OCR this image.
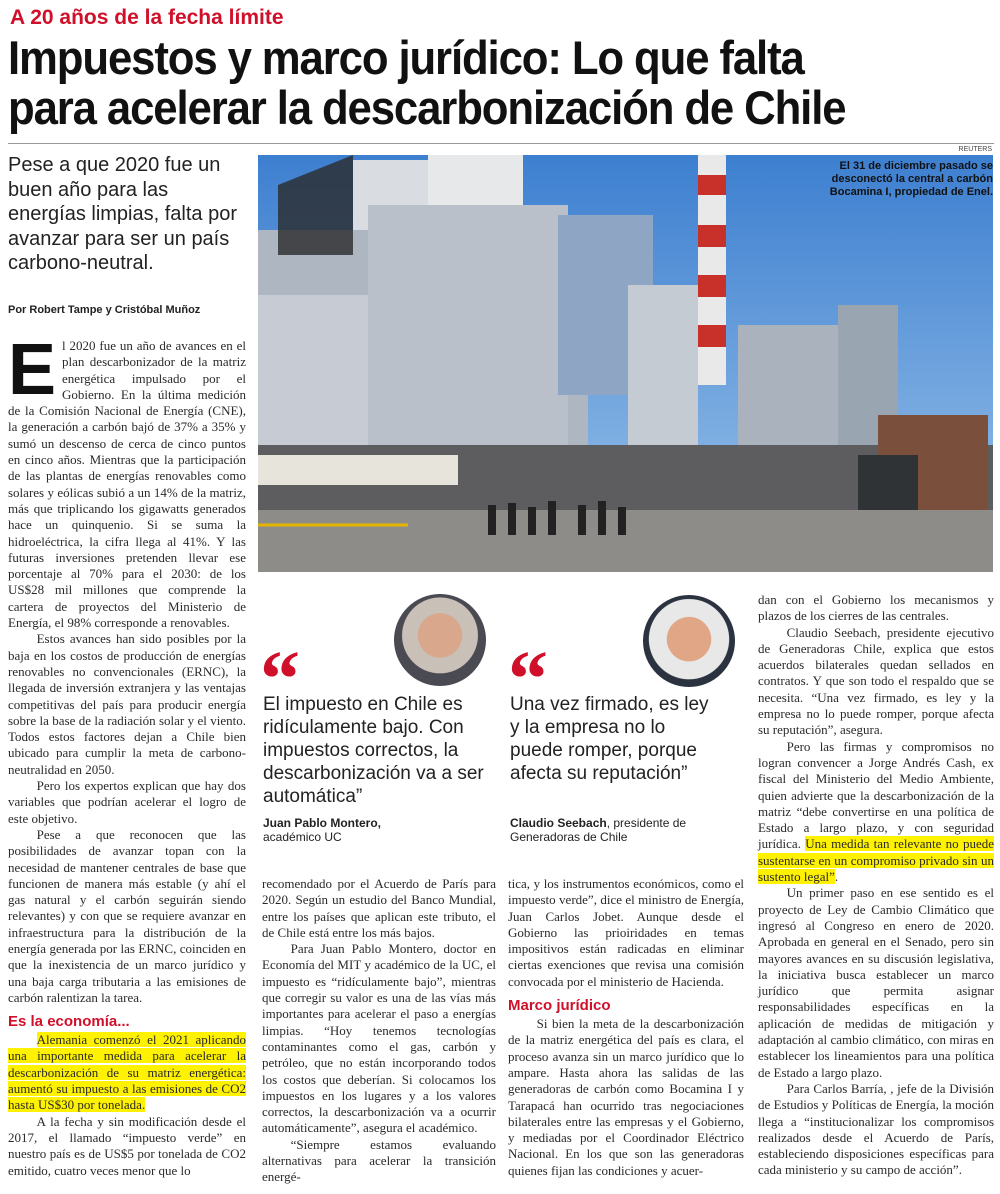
A 20 años de la fecha límite
Impuestos y marco jurídico: Lo que falta
para acelerar la descarbonización de Chile
Pese a que 2020 fue un buen año para las energías limpias, falta por avanzar para ser un país carbono-neutral.
Por Robert Tampe y Cristóbal Muñoz

El 2020 fue un año de avances en el plan descarbonizador de la matriz energética impulsado por el Gobierno. En la última medición de la Comisión Nacional de Energía (CNE), la generación a carbón bajó de 37% a 35% y sumó un descenso de cerca de cinco puntos en cinco años. Mientras que la participación de las plantas de energías renovables como solares y eólicas subió a un 14% de la matriz, más que triplicando los gigawatts generados hace un quinquenio. Si se suma la hidroeléctrica, la cifra llega al 41%. Y las futuras inversiones pretenden llevar ese porcentaje al 70% para el 2030: de los US$28 mil millones que comprende la cartera de proyectos del Ministerio de Energía, el 98% corresponde a renovables.

Estos avances han sido posibles por la baja en los costos de producción de energías renovables no convencionales (ERNC), la llegada de inversión extranjera y las ventajas competitivas del país para producir energía sobre la base de la radiación solar y el viento. Todos estos factores dejan a Chile bien ubicado para cumplir la meta de carbono-neutralidad en 2050.

Pero los expertos explican que hay dos variables que podrían acelerar el logro de este objetivo.

Pese a que reconocen que las posibilidades de avanzar topan con la necesidad de mantener centrales de base que funcionen de manera más estable (y ahí el gas natural y el carbón seguirán siendo relevantes) y con que se requiere avanzar en infraestructura para la distribución de la energía generada por las ERNC, coinciden en que la inexistencia de un marco jurídico y una baja carga tributaria a las emisiones de carbón ralentizan la tarea.

Es la economía...

Alemania comenzó el 2021 aplicando una importante medida para acelerar la descarbonización de su matriz energética: aumentó su impuesto a las emisiones de CO2 hasta US$30 por tonelada.

A la fecha y sin modificación desde el 2017, el llamado “impuesto verde” en nuestro país es de US$5 por tonelada de CO2 emitido, cuatro veces menor que lo

REUTERS
El 31 de diciembre pasado se desconectó la central a carbón Bocamina I, propiedad de Enel.
“
El impuesto en Chile es ridículamente bajo. Con impuestos correctos, la descarbonización va a ser automática”
Juan Pablo Montero,
académico UC
“
Una vez firmado, es ley y la empresa no lo puede romper, porque afecta su reputación”
Claudio Seebach, presidente de Generadoras de Chile

recomendado por el Acuerdo de París para 2020. Según un estudio del Banco Mundial, entre los países que aplican este tributo, el de Chile está entre los más bajos.

Para Juan Pablo Montero, doctor en Economía del MIT y académico de la UC, el impuesto es “ridículamente bajo”, mientras que corregir su valor es una de las vías más importantes para acelerar el paso a energías limpias. “Hoy tenemos tecnologías contaminantes como el gas, carbón y petróleo, que no están incorporando todos los costos que deberían. Si colocamos los impuestos en los lugares y a los valores correctos, la descarbonización va a ocurrir automáticamente”, asegura el académico.

“Siempre estamos evaluando alternativas para acelerar la transición energé-

tica, y los instrumentos económicos, como el impuesto verde”, dice el ministro de Energía, Juan Carlos Jobet. Aunque desde el Gobierno las prioiridades en temas impositivos están radicadas en eliminar ciertas exenciones que revisa una comisión convocada por el ministerio de Hacienda.

Marco jurídico

Si bien la meta de la descarbonización de la matriz energética del país es clara, el proceso avanza sin un marco jurídico que lo ampare. Hasta ahora las salidas de las generadoras de carbón como Bocamina I y Tarapacá han ocurrido tras negociaciones bilaterales entre las empresas y el Gobierno, y mediadas por el Coordinador Eléctrico Nacional. En los que son las generadoras quienes fijan las condiciones y acuer-

dan con el Gobierno los mecanismos y plazos de los cierres de las centrales.

Claudio Seebach, presidente ejecutivo de Generadoras Chile, explica que estos acuerdos bilaterales quedan sellados en contratos. Y que son todo el respaldo que se necesita. “Una vez firmado, es ley y la empresa no lo puede romper, porque afecta su reputación”, asegura.

Pero las firmas y compromisos no logran convencer a Jorge Andrés Cash, ex fiscal del Ministerio del Medio Ambiente, quien advierte que la descarbonización de la matriz “debe convertirse en una política de Estado a largo plazo, y con seguridad jurídica. Una medida tan relevante no puede sustentarse en un compromiso privado sin un sustento legal”.

Un primer paso en ese sentido es el proyecto de Ley de Cambio Climático que ingresó al Congreso en enero de 2020. Aprobada en general en el Senado, pero sin mayores avances en su discusión legislativa, la iniciativa busca establecer un marco jurídico que permita asignar responsabilidades específicas en la aplicación de medidas de mitigación y adaptación al cambio climático, con miras en establecer los lineamientos para una política de Estado a largo plazo.

Para Carlos Barría, , jefe de la División de Estudios y Políticas de Energía, la moción llega a “institucionalizar los compromisos realizados desde el Acuerdo de París, estableciendo disposiciones específicas para cada ministerio y su campo de acción”.
